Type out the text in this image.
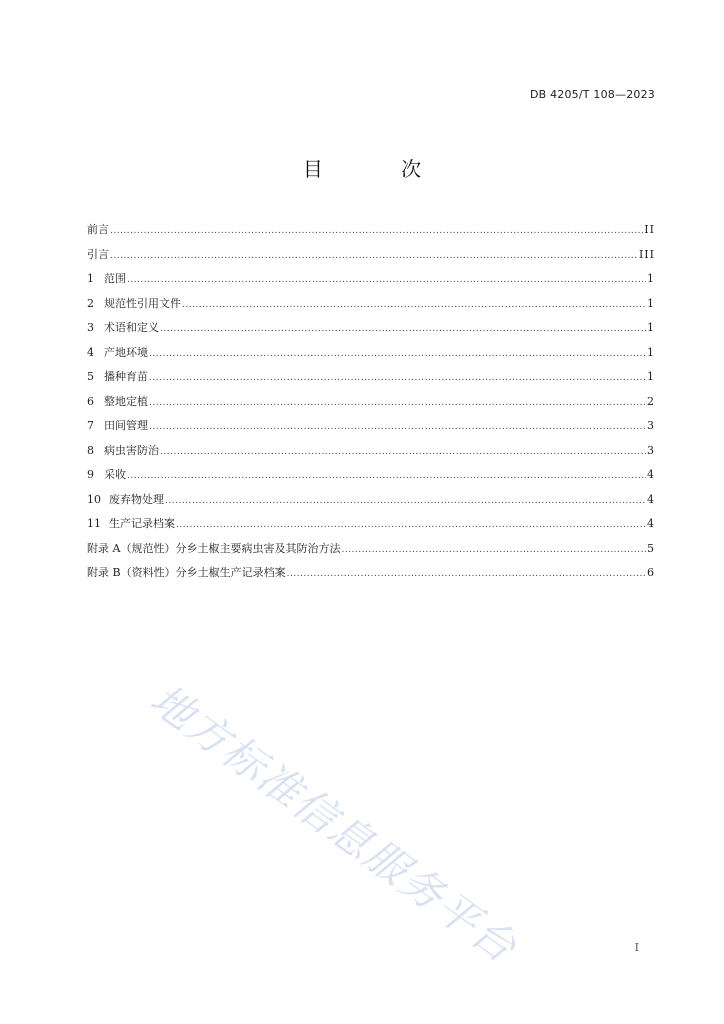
DB 4205/T 108—2023
目 次
前言 .....	II
引言 .....	III
1 范围 .....	1
2 规范性引用文件 .....	1
3 术语和定义 .....	1
4 产地环境 .....	1
5 播种育苗 .....	1
6 整地定植 .....	2
7 田间管理 .....	3
8 病虫害防治 .....	3
9 采收 .....	4
10 废弃物处理 .....	4
11 生产记录档案 .....	4
附录 A（规范性） 分乡土椒主要病虫害及其防治方法 .....	5
附录 B（资料性） 分乡土椒生产记录档案 .....	6
地方标准信息服务平台	I
